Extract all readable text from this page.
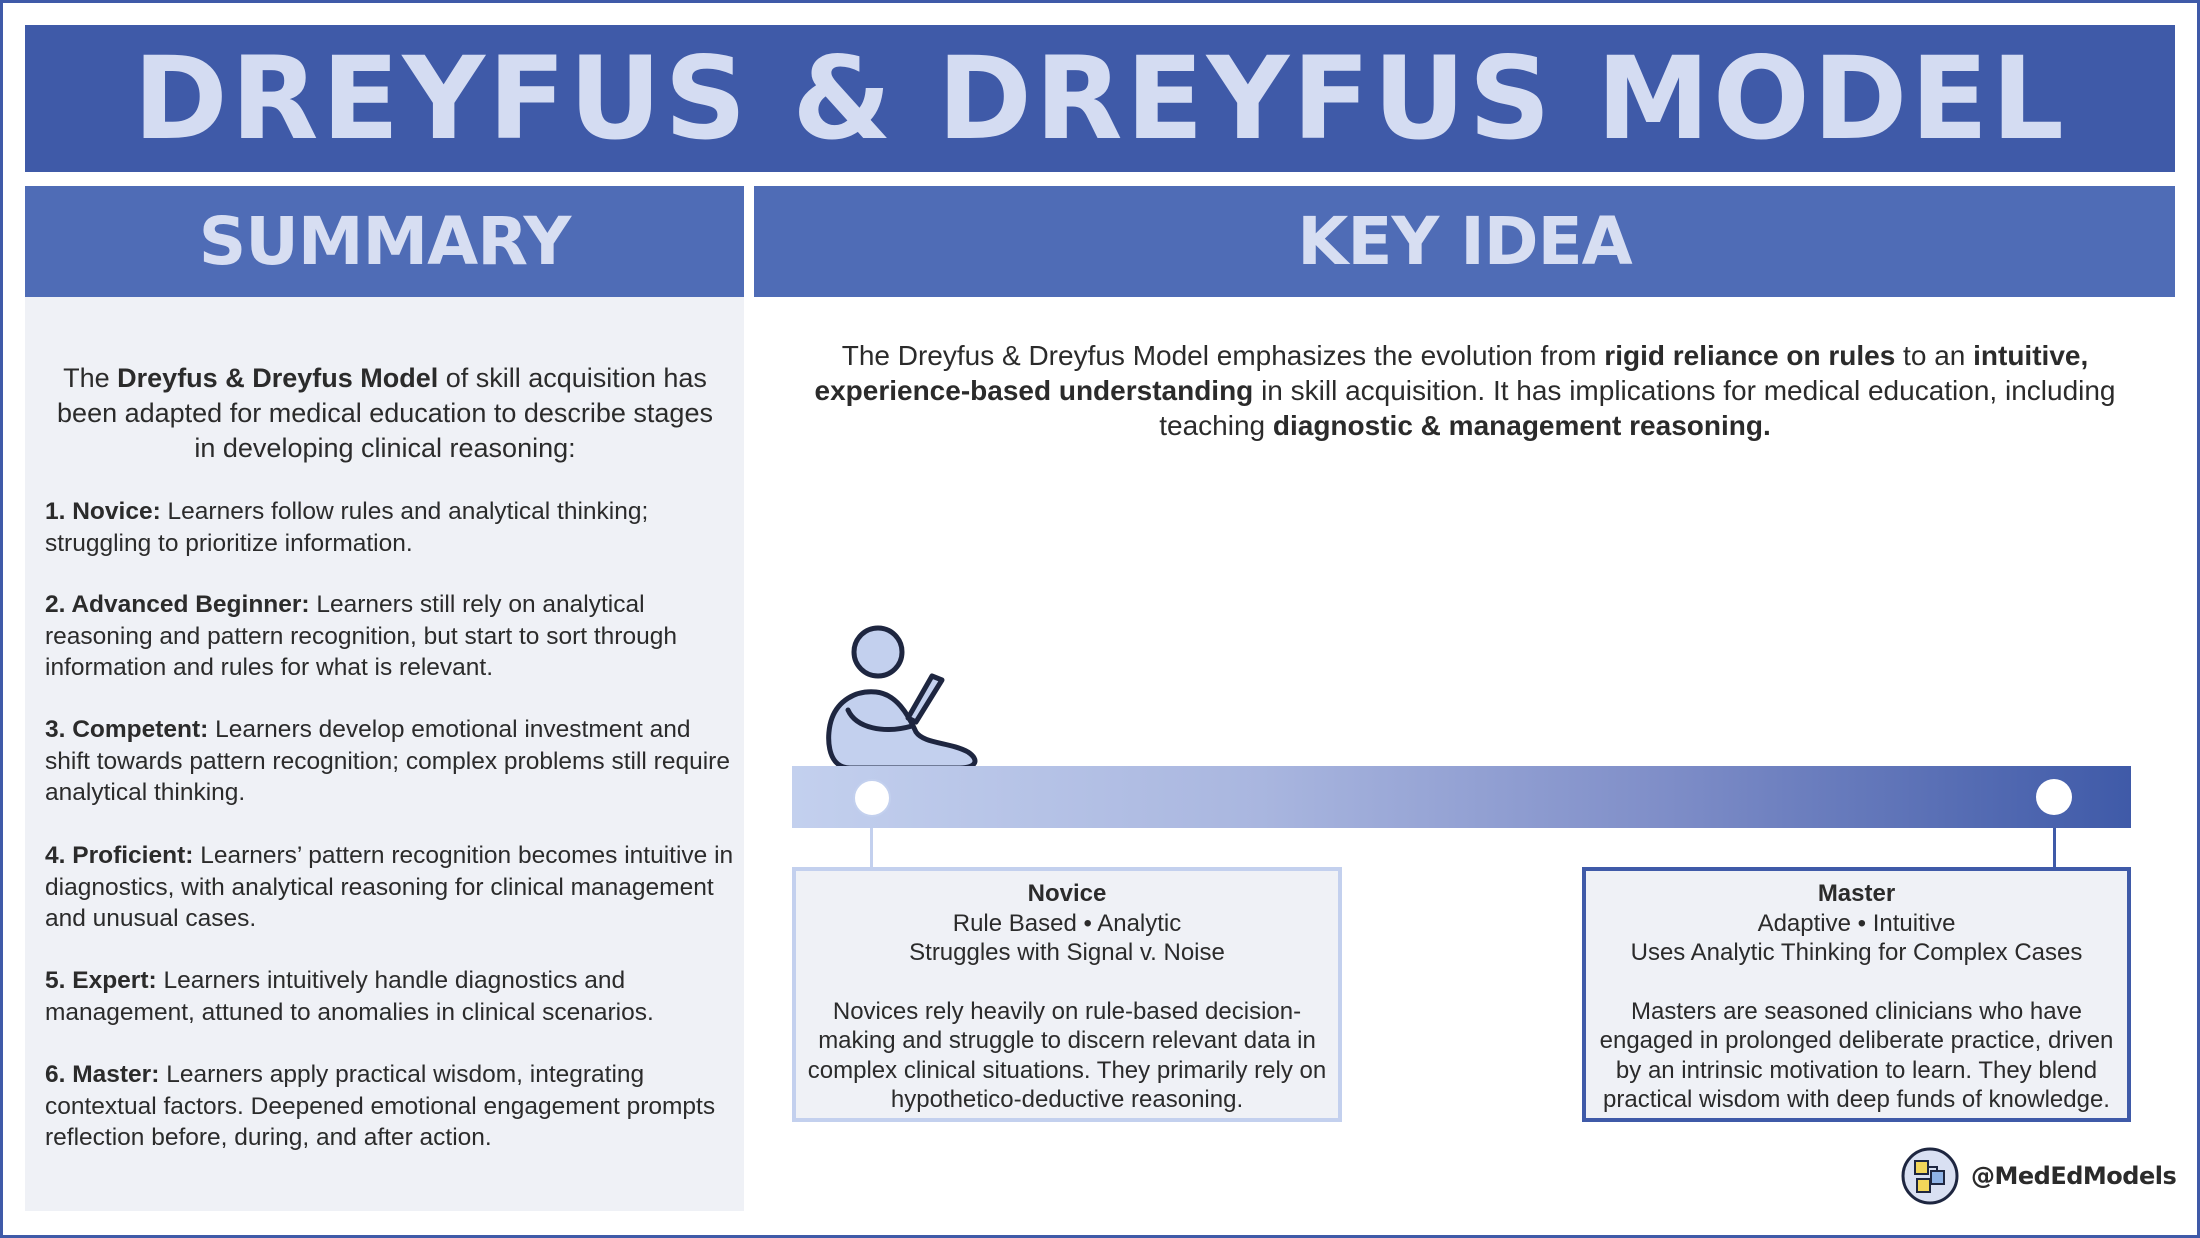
DREYFUS & DREYFUS MODEL
SUMMARY	KEY IDEA
The Dreyfus & Dreyfus Model of skill acquisition has been adapted for medical education to describe stages in developing clinical reasoning:
1. Novice: Learners follow rules and analytical thinking; struggling to prioritize information.
2. Advanced Beginner: Learners still rely on analytical reasoning and pattern recognition, but start to sort through information and rules for what is relevant.
3. Competent: Learners develop emotional investment and shift towards pattern recognition; complex problems still require analytical thinking.
4. Proficient: Learners’ pattern recognition becomes intuitive in diagnostics, with analytical reasoning for clinical management and unusual cases.
5. Expert: Learners intuitively handle diagnostics and management, attuned to anomalies in clinical scenarios.
6. Master: Learners apply practical wisdom, integrating contextual factors. Deepened emotional engagement prompts reflection before, during, and after action.
The Dreyfus & Dreyfus Model emphasizes the evolution from rigid reliance on rules to an intuitive, experience-based understanding in skill acquisition. It has implications for medical education, including teaching diagnostic & management reasoning.
Novice
Rule Based • Analytic
Struggles with Signal v. Noise
Novices rely heavily on rule-based decision-making and struggle to discern relevant data in complex clinical situations. They primarily rely on hypothetico-deductive reasoning.
Master
Adaptive • Intuitive
Uses Analytic Thinking for Complex Cases
Masters are seasoned clinicians who have engaged in prolonged deliberate practice, driven by an intrinsic motivation to learn. They blend practical wisdom with deep funds of knowledge.
@MedEdModels
